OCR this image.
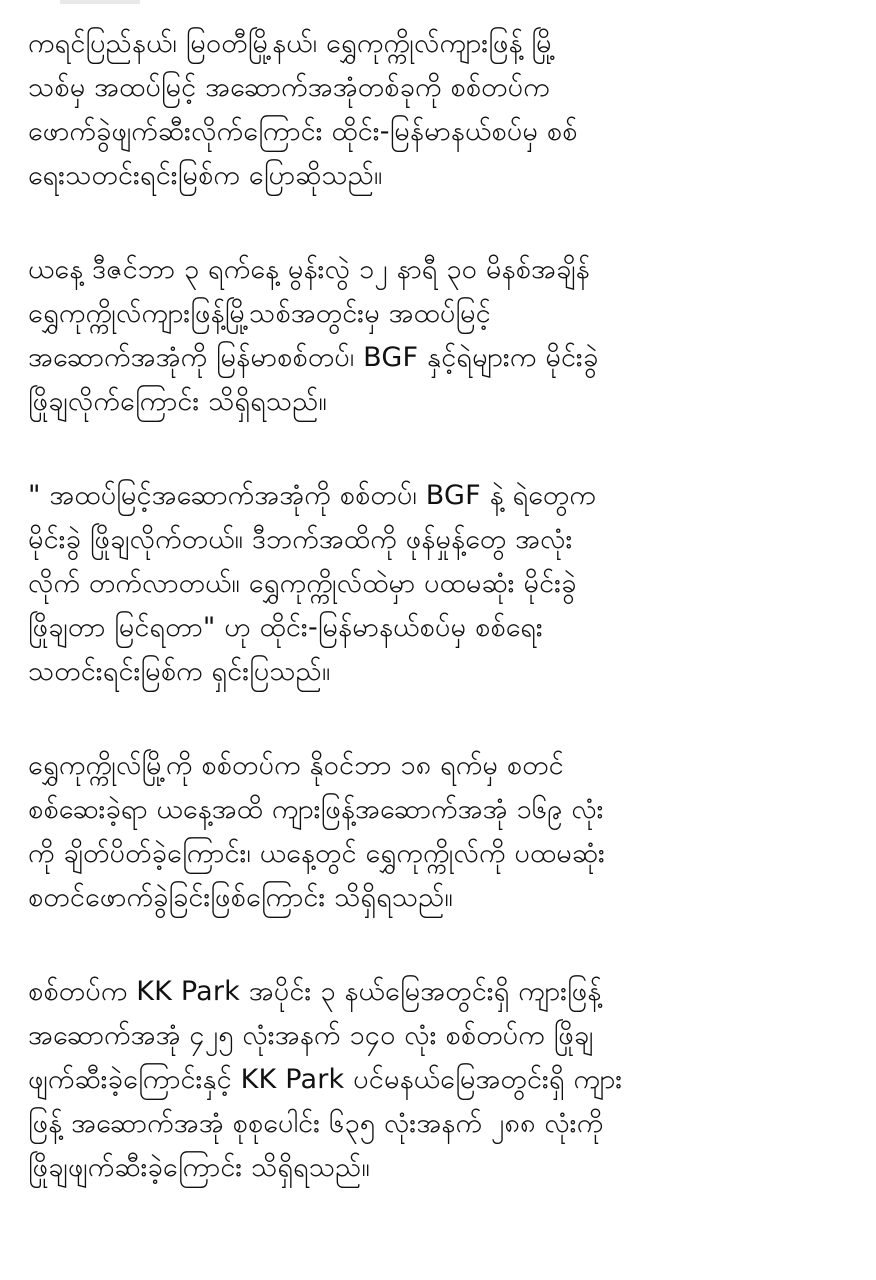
ကရင်ပြည်နယ်၊ မြဝတီမြို့နယ်၊ ရွှေကုက္ကိုလ်ကျားဖြန့် မြို့
သစ်မှ အထပ်မြင့် အဆောက်အအုံတစ်ခုကို စစ်တပ်က
ဖောက်ခွဲဖျက်ဆီးလိုက်ကြောင်း ထိုင်း-မြန်မာနယ်စပ်မှ စစ်
ရေးသတင်းရင်းမြစ်က ပြောဆိုသည်။
ယနေ့ ဒီဇင်ဘာ ၃ ရက်နေ့ မွန်းလွဲ ၁၂ နာရီ ၃၀ မိနစ်အချိန်
ရွှေကုက္ကိုလ်ကျားဖြန့်မြို့သစ်အတွင်းမှ အထပ်မြင့်
အဆောက်အအုံကို မြန်မာစစ်တပ်၊ BGF နှင့်ရဲများက မိုင်းခွဲ
ဖြိုချလိုက်ကြောင်း သိရှိရသည်။
" အထပ်မြင့်အဆောက်အအုံကို စစ်တပ်၊ BGF နဲ့ ရဲတွေက
မိုင်းခွဲ ဖြိုချလိုက်တယ်။ ဒီဘက်အထိကို ဖုန်မှုန့်တွေ အလုံး
လိုက် တက်လာတယ်။ ရွှေကုက္ကိုလ်ထဲမှာ ပထမဆုံး မိုင်းခွဲ
ဖြိုချတာ မြင်ရတာ" ဟု ထိုင်း-မြန်မာနယ်စပ်မှ စစ်ရေး
သတင်းရင်းမြစ်က ရှင်းပြသည်။
ရွှေကုက္ကိုလ်မြို့ကို စစ်တပ်က နိုဝင်ဘာ ၁၈ ရက်မှ စတင်
စစ်ဆေးခဲ့ရာ ယနေ့အထိ ကျားဖြန့်အဆောက်အအုံ ၁၆၉ လုံး
ကို ချိတ်ပိတ်ခဲ့ကြောင်း၊ ယနေ့တွင် ရွှေကုက္ကိုလ်ကို ပထမဆုံး
စတင်ဖောက်ခွဲခြင်းဖြစ်ကြောင်း သိရှိရသည်။
စစ်တပ်က KK Park အပိုင်း ၃ နယ်မြေအတွင်းရှိ ကျားဖြန့်
အဆောက်အအုံ ၄၂၅ လုံးအနက် ၁၄၀ လုံး စစ်တပ်က ဖြိုချ
ဖျက်ဆီးခဲ့ကြောင်းနှင့် KK Park ပင်မနယ်မြေအတွင်းရှိ ကျား
ဖြန့် အဆောက်အအုံ စုစုပေါင်း ၆၃၅ လုံးအနက် ၂၈၈ လုံးကို
ဖြိုချဖျက်ဆီးခဲ့ကြောင်း သိရှိရသည်။
